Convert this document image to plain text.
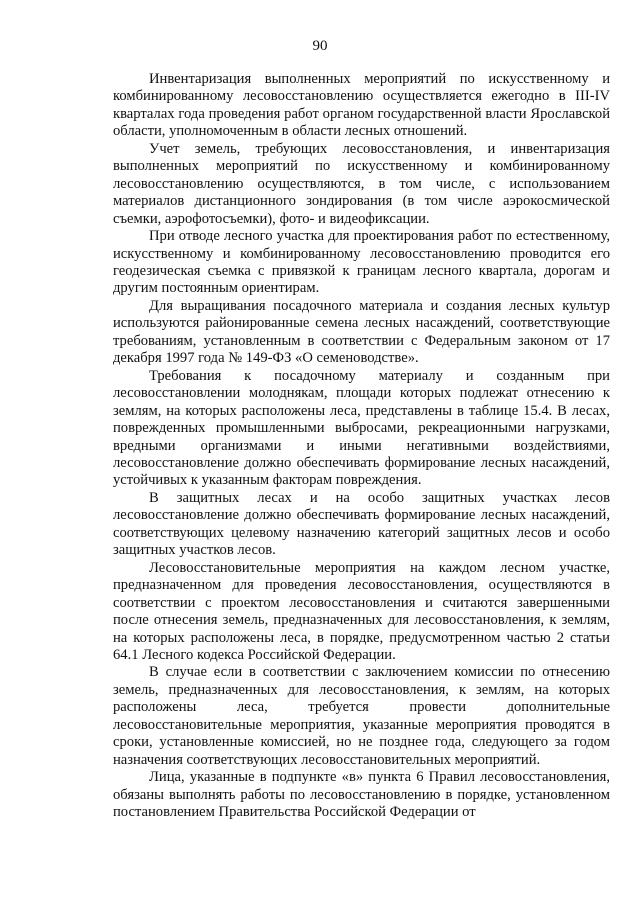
90

Инвентаризация выполненных мероприятий по искусственному и комбинированному лесовосстановлению осуществляется ежегодно в III-IV кварталах года проведения работ органом государственной власти Ярославской области, уполномоченным в области лесных отношений.

Учет земель, требующих лесовосстановления, и инвентаризация выполненных мероприятий по искусственному и комбинированному лесовосстановлению осуществляются, в том числе, с использованием материалов дистанционного зондирования (в том числе аэрокосмической съемки, аэрофотосъемки), фото- и видеофиксации.

При отводе лесного участка для проектирования работ по естественному, искусственному и комбинированному лесовосстановлению проводится его геодезическая съемка с привязкой к границам лесного квартала, дорогам и другим постоянным ориентирам.

Для выращивания посадочного материала и создания лесных культур используются районированные семена лесных насаждений, соответствующие требованиям, установленным в соответствии с Федеральным законом от 17 декабря 1997 года № 149-ФЗ «О семеноводстве».

Требования к посадочному материалу и созданным при лесовосстановлении молоднякам, площади которых подлежат отнесению к землям, на которых расположены леса, представлены в таблице 15.4. В лесах, поврежденных промышленными выбросами, рекреационными нагрузками, вредными организмами и иными негативными воздействиями, лесовосстановление должно обеспечивать формирование лесных насаждений, устойчивых к указанным факторам повреждения.

В защитных лесах и на особо защитных участках лесов лесовосстановление должно обеспечивать формирование лесных насаждений, соответствующих целевому назначению категорий защитных лесов и особо защитных участков лесов.

Лесовосстановительные мероприятия на каждом лесном участке, предназначенном для проведения лесовосстановления, осуществляются в соответствии с проектом лесовосстановления и считаются завершенными после отнесения земель, предназначенных для лесовосстановления, к землям, на которых расположены леса, в порядке, предусмотренном частью 2 статьи 64.1 Лесного кодекса Российской Федерации.

В случае если в соответствии с заключением комиссии по отнесению земель, предназначенных для лесовосстановления, к землям, на которых расположены леса, требуется провести дополнительные лесовосстановительные мероприятия, указанные мероприятия проводятся в сроки, установленные комиссией, но не позднее года, следующего за годом назначения соответствующих лесовосстановительных мероприятий.

Лица, указанные в подпункте «в» пункта 6 Правил лесовосстановления, обязаны выполнять работы по лесовосстановлению в порядке, установленном постановлением Правительства Российской Федерации от
